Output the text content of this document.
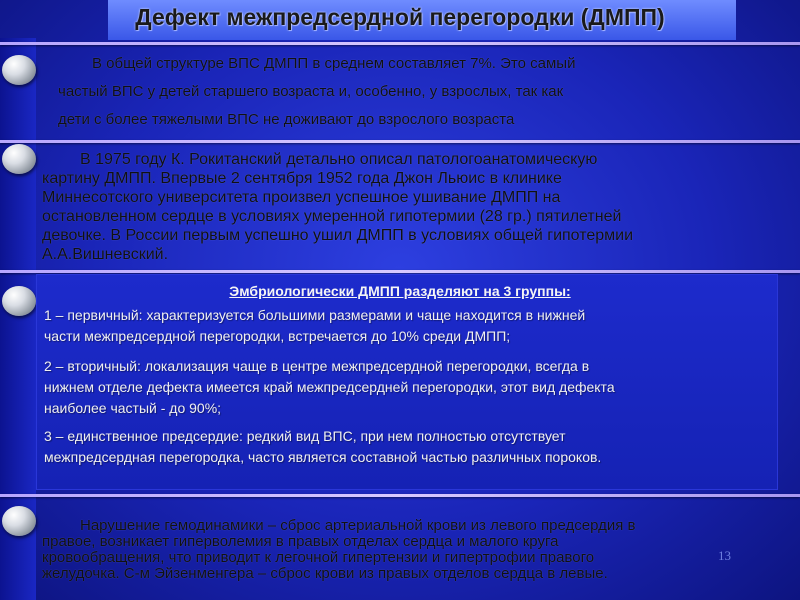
Дефект межпредсердной перегородки (ДМПП)
В общей структуре ВПС ДМПП в среднем составляет 7%. Это самый
частый ВПС у детей старшего возраста и, особенно, у взрослых, так как
дети с более тяжелыми ВПС не доживают до взрослого возраста
В 1975 году К. Рокитанский детально описал патологоанатомическую
картину ДМПП. Впервые 2 сентября 1952 года Джон Льюис в клинике
Миннесотского университета произвел успешное ушивание ДМПП на
остановленном сердце в условиях умеренной гипотермии (28 гр.) пятилетней
девочке. В России первым успешно ушил ДМПП в условиях общей гипотермии
А.А.Вишневский.
Эмбриологически ДМПП разделяют на 3 группы:
1 – первичный: характеризуется большими размерами и чаще находится в нижней
части межпредсердной перегородки, встречается до 10% среди ДМПП;
2 – вторичный: локализация чаще в центре межпредсердной перегородки, всегда в
нижнем отделе дефекта имеется край межпредсердней перегородки, этот вид дефекта
наиболее частый - до 90%;
3 – единственное предсердие: редкий вид ВПС, при нем полностью отсутствует
межпредсердная перегородка, часто является составной частью различных пороков.
Нарушение гемодинамики – сброс артериальной крови из левого предсердия в
правое, возникает гиперволемия в правых отделах сердца и малого круга
кровообращения, что приводит к легочной гипертензии и гипертрофии правого
желудочка. С-м Эйзенменгера – сброс крови из правых отделов сердца в левые.
13
